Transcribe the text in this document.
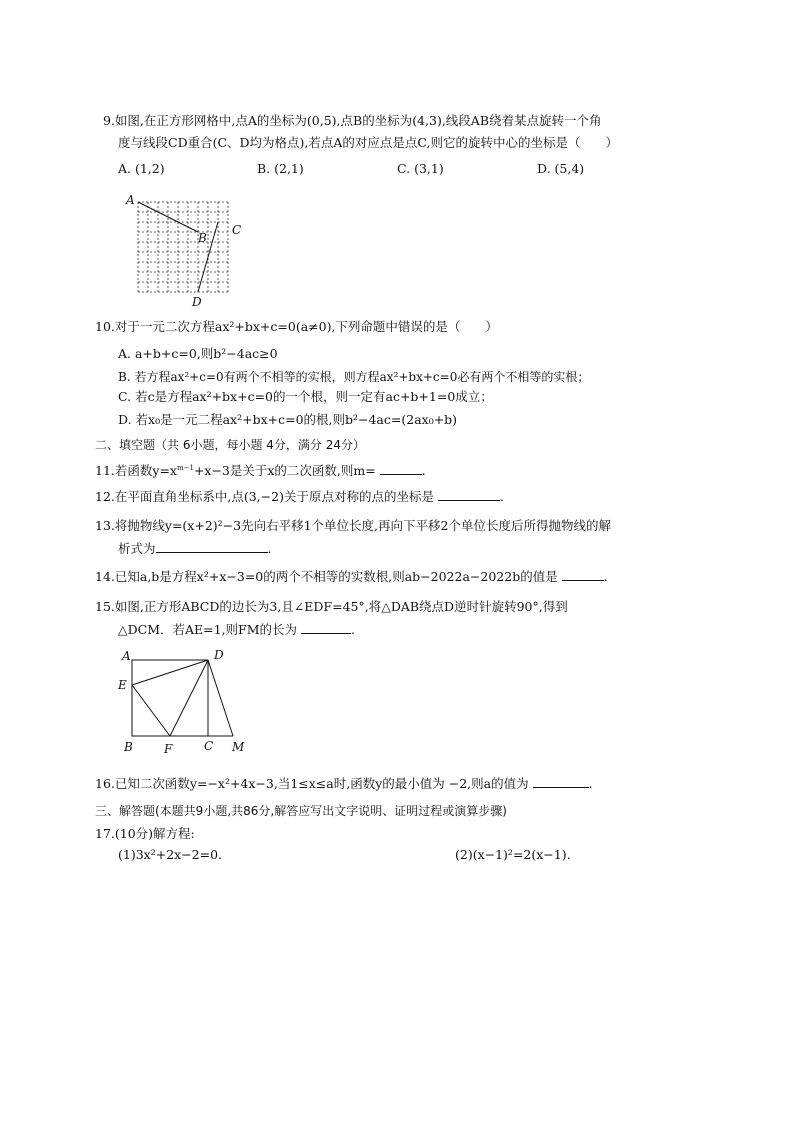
9.如图,在正方形网格中,点A的坐标为(0,5),点B的坐标为(4,3),线段AB绕着某点旋转一个角
度与线段CD重合(C、D均为格点),若点A的对应点是点C,则它的旋转中心的坐标是（　　）
A. (1,2)	B. (2,1)	C. (3,1)	D. (5,4)
A
B
C
D
10.对于一元二次方程ax²+bx+c=0(a≠0),下列命题中错误的是（　　）
A. a+b+c=0,则b²−4ac≥0
B. 若方程ax²+c=0有两个不相等的实根，则方程ax²+bx+c=0必有两个不相等的实根；
C. 若c是方程ax²+bx+c=0的一个根，则一定有ac+b+1=0成立；
D. 若x₀是一元二程ax²+bx+c=0的根,则b²−4ac=(2ax₀+b)
二、填空题（共 6小题，每小题 4分，满分 24分）
11.若函数$y=x^{m-1}+x-3$是关于x的二次函数,则m=	.
12.在平面直角坐标系中,点(3,−2)关于原点对称的点的坐标是	.
13.将抛物线y=(x+2)²−3先向右平移1个单位长度,再向下平移2个单位长度后所得抛物线的解
析式为	.
14.已知a,b是方程x²+x−3=0的两个不相等的实数根,则ab−2022a−2022b的值是	.
15.如图,正方形ABCD的边长为3,且∠EDF=45°,将△DAB绕点D逆时针旋转90°,得到
△DCM．若AE=1,则FM的长为	.
A	D
E
B	F	C M
16.已知二次函数y=−x²+4x−3,当1≤x≤a时,函数y的最小值为 −2,则a的值为	.
三、解答题(本题共9小题,共86分,解答应写出文字说明、证明过程或演算步骤)
17.(10分)解方程:
(1)3x²+2x−2=0.	(2)(x−1)²=2(x−1).
